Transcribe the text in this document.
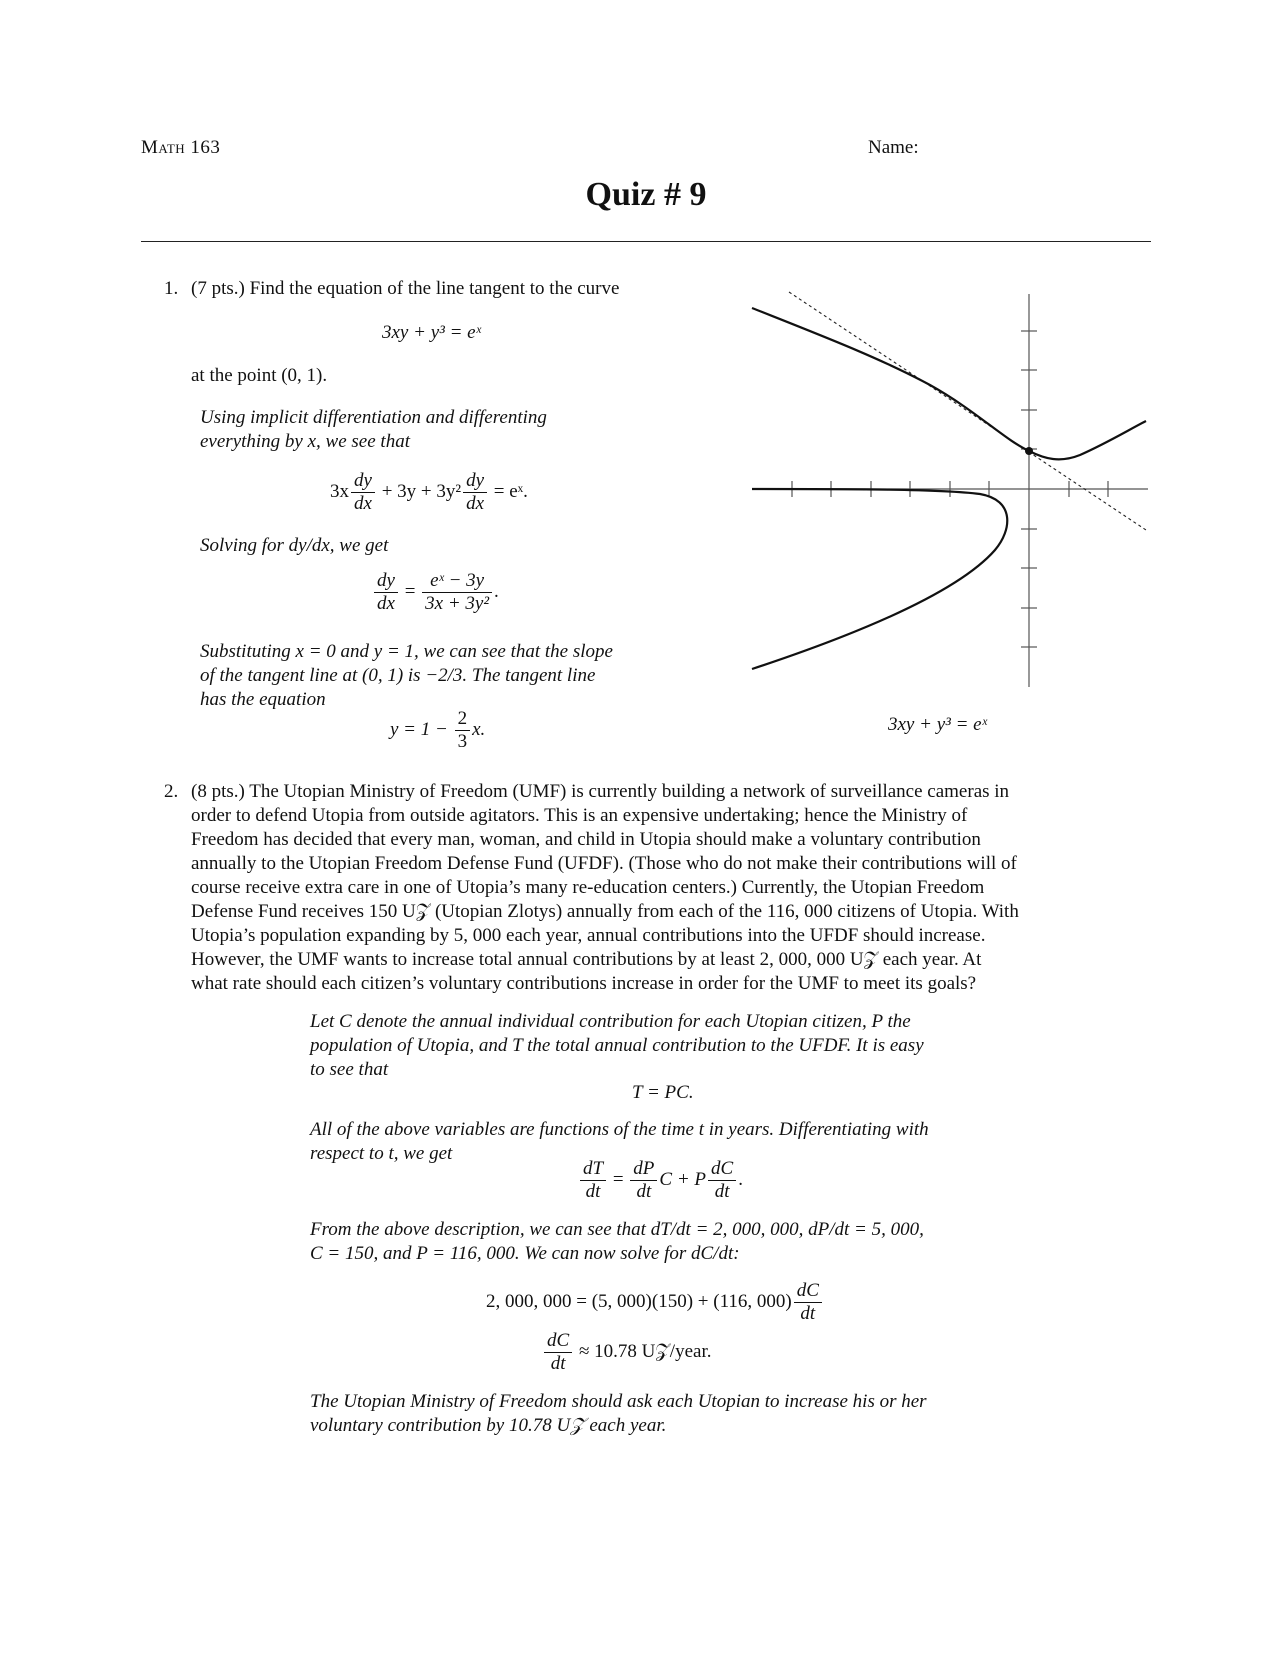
Math 163	Name:
Quiz # 9
1. (7 pts.) Find the equation of the line tangent to the curve
3xy + y³ = eˣ
at the point (0, 1).
Using implicit differentiation and differenting
everything by x, we see that
$3x \frac{dy}{dx} + 3y + 3y^2 \frac{dy}{dx}$ = eˣ.
Solving for dy/dx, we get
$\frac{dy}{dx} = \frac{\text{eˣ − 3y}}{\text{3x + 3y²}}$ .
Substituting x = 0 and y = 1, we can see that the slope
of the tangent line at (0, 1) is −2/3. The tangent line
has the equation
$y = 1 - \frac{2}{3} x$.	3xy + y³ = eˣ
2. (8 pts.) The Utopian Ministry of Freedom (UMF) is currently building a network of surveillance cameras in

order to defend Utopia from outside agitators. This is an expensive undertaking; hence the Ministry of

Freedom has decided that every man, woman, and child in Utopia should make a voluntary contribution

annually to the Utopian Freedom Defense Fund (UFDF). (Those who do not make their contributions will of

course receive extra care in one of Utopia’s many re-education centers.) Currently, the Utopian Freedom

Defense Fund receives 150 U𝒵 (Utopian Zlotys) annually from each of the 116, 000 citizens of Utopia. With

Utopia’s population expanding by 5, 000 each year, annual contributions into the UFDF should increase.

However, the UMF wants to increase total annual contributions by at least 2, 000, 000 U𝒵 each year. At

what rate should each citizen’s voluntary contributions increase in order for the UMF to meet its goals?

Let C denote the annual individual contribution for each Utopian citizen, P the

population of Utopia, and T the total annual contribution to the UFDF. It is easy

to see that

T = PC.

All of the above variables are functions of the time t in years. Differentiating with

respect to t, we get

$\frac{dT}{dt} = \frac{dP}{dt}$ C + P $\frac{dC}{dt}$ .

From the above description, we can see that dT/dt = 2, 000, 000, dP/dt = 5, 000,

C = 150, and P = 116, 000. We can now solve for dC/dt:

2, 000, 000 = (5, 000)(150) + (116, $000) \frac{dC}{dt}$
$\frac{dC}{dt} \approx 10.78$ U𝒵/year.

The Utopian Ministry of Freedom should ask each Utopian to increase his or her

voluntary contribution by 10.78 U𝒵 each year.
